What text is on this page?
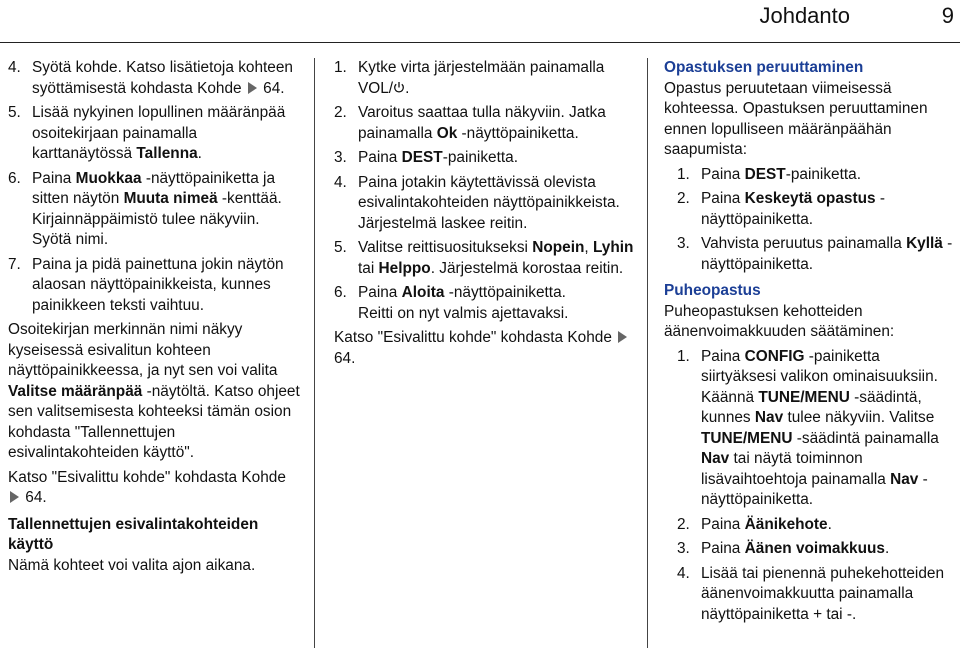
Johdanto	9
4. Syötä kohde. Katso lisätietoja kohteen syöttämisestä kohdasta Kohde 64.
5. Lisää nykyinen lopullinen määränpää osoitekirjaan painamalla karttanäytössä Tallenna.
6. Paina Muokkaa -näyttöpainiketta ja sitten näytön Muuta nimeä -kenttää. Kirjainnäppäimistö tulee näkyviin. Syötä nimi.
7. Paina ja pidä painettuna jokin näytön alaosan näyttöpainikkeista, kunnes painikkeen teksti vaihtuu.
Osoitekirjan merkinnän nimi näkyy kyseisessä esivalitun kohteen näyttöpainikkeessa, ja nyt sen voi valita Valitse määränpää -näytöltä. Katso ohjeet sen valitsemisesta kohteeksi tämän osion kohdasta "Tallennettujen esivalintakohteiden käyttö".
Katso "Esivalittu kohde" kohdasta Kohde  64.
Tallennettujen esivalintakohteiden käyttö
Nämä kohteet voi valita ajon aikana.
1. Kytke virta järjestelmään painamalla VOL/ .
2. Varoitus saattaa tulla näkyviin. Jatka painamalla Ok -näyttöpainiketta.
3. Paina DEST-painiketta.
4. Paina jotakin käytettävissä olevista esivalintakohteiden näyttöpainikkeista. Järjestelmä laskee reitin.
5. Valitse reittisuositukseksi Nopein, Lyhin tai Helppo. Järjestelmä korostaa reitin.
6. Paina Aloita -näyttöpainiketta.
Reitti on nyt valmis ajettavaksi.
Katso "Esivalittu kohde" kohdasta Kohde  64.
Opastuksen peruuttaminen
Opastus peruutetaan viimeisessä kohteessa. Opastuksen peruuttaminen ennen lopulliseen määränpäähän saapumista:
1. Paina DEST-painiketta.
2. Paina Keskeytä opastus -näyttöpainiketta.
3. Vahvista peruutus painamalla Kyllä -näyttöpainiketta.
Puheopastus
Puheopastuksen kehotteiden äänenvoimakkuuden säätäminen:
1. Paina CONFIG -painiketta siirtyäksesi valikon ominaisuuksiin. Käännä TUNE/MENU -säädintä, kunnes Nav tulee näkyviin. Valitse TUNE/MENU -säädintä painamalla Nav tai näytä toiminnon lisävaihtoehtoja painamalla Nav -näyttöpainiketta.
2. Paina Äänikehote.
3. Paina Äänen voimakkuus.
4. Lisää tai pienennä puhekehotteiden äänenvoimakkuutta painamalla näyttöpainiketta + tai -.
